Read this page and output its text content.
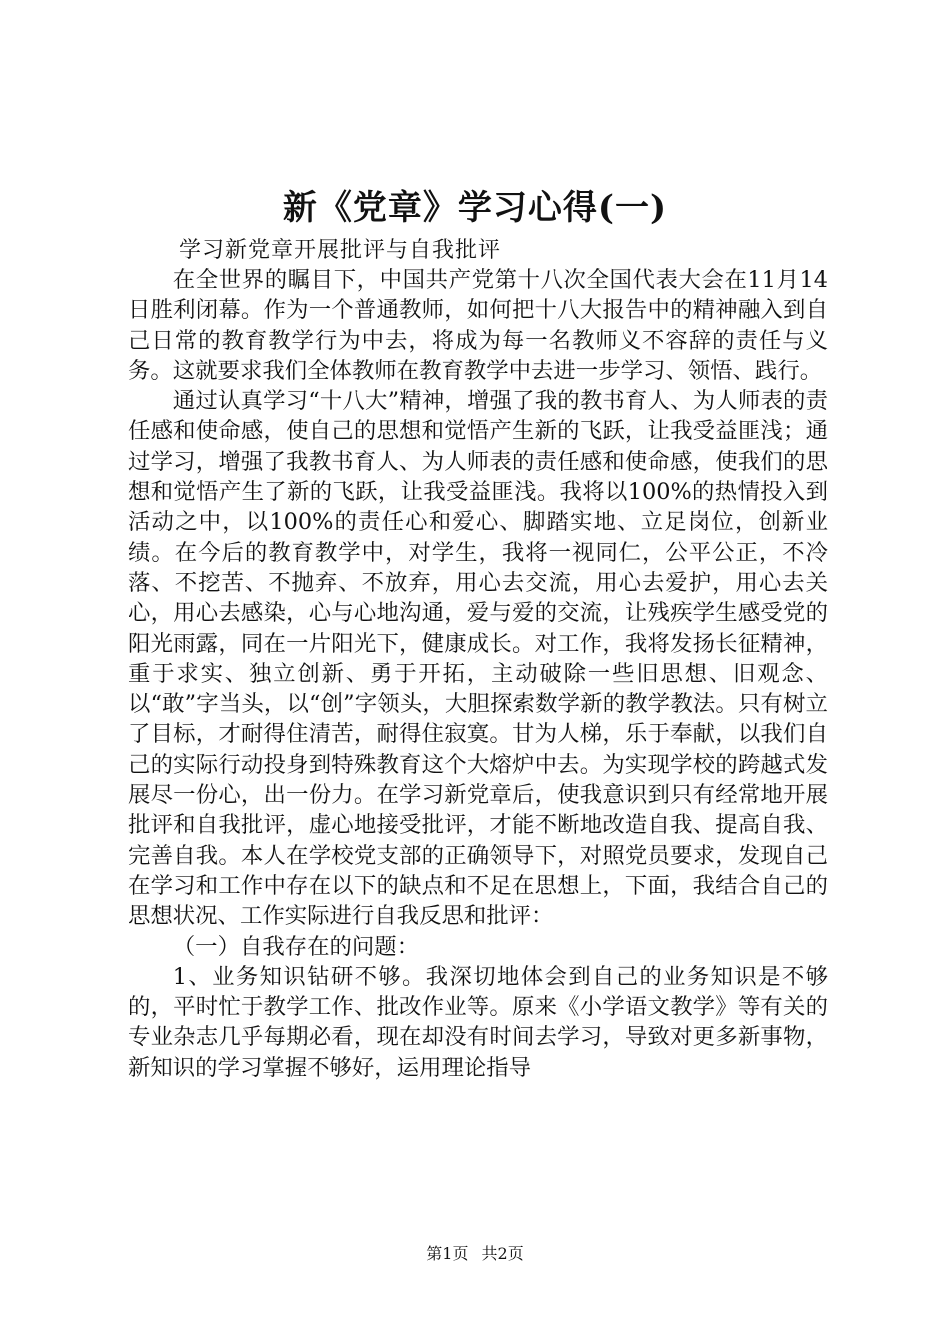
新《党章》学习心得(一)
学习新党章开展批评与自我批评

在全世界的瞩目下，中国共产党第十八次全国代表大会在11月14日胜利闭幕。作为一个普通教师，如何把十八大报告中的精神融入到自己日常的教育教学行为中去，将成为每一名教师义不容辞的责任与义务。这就要求我们全体教师在教育教学中去进一步学习、领悟、践行。

通过认真学习“十八大”精神，增强了我的教书育人、为人师表的责任感和使命感，使自己的思想和觉悟产生新的飞跃，让我受益匪浅；通过学习，增强了我教书育人、为人师表的责任感和使命感，使我们的思想和觉悟产生了新的飞跃，让我受益匪浅。我将以100%的热情投入到活动之中，以100%的责任心和爱心、脚踏实地、立足岗位，创新业绩。在今后的教育教学中，对学生，我将一视同仁，公平公正，不冷落、不挖苦、不抛弃、不放弃，用心去交流，用心去爱护，用心去关心，用心去感染，心与心地沟通，爱与爱的交流，让残疾学生感受党的阳光雨露，同在一片阳光下，健康成长。对工作，我将发扬长征精神，重于求实、独立创新、勇于开拓，主动破除一些旧思想、旧观念、以“敢”字当头，以“创”字领头，大胆探索数学新的教学教法。只有树立了目标，才耐得住清苦，耐得住寂寞。甘为人梯，乐于奉献，以我们自己的实际行动投身到特殊教育这个大熔炉中去。为实现学校的跨越式发展尽一份心，出一份力。在学习新党章后，使我意识到只有经常地开展批评和自我批评，虚心地接受批评，才能不断地改造自我、提高自我、完善自我。本人在学校党支部的正确领导下，对照党员要求，发现自己在学习和工作中存在以下的缺点和不足在思想上，下面，我结合自己的思想状况、工作实际进行自我反思和批评：

（一）自我存在的问题：

1、业务知识钻研不够。我深切地体会到自己的业务知识是不够的，平时忙于教学工作、批改作业等。原来《小学语文教学》等有关的专业杂志几乎每期必看，现在却没有时间去学习，导致对更多新事物，新知识的学习掌握不够好，运用理论指导

第1页 共2页
